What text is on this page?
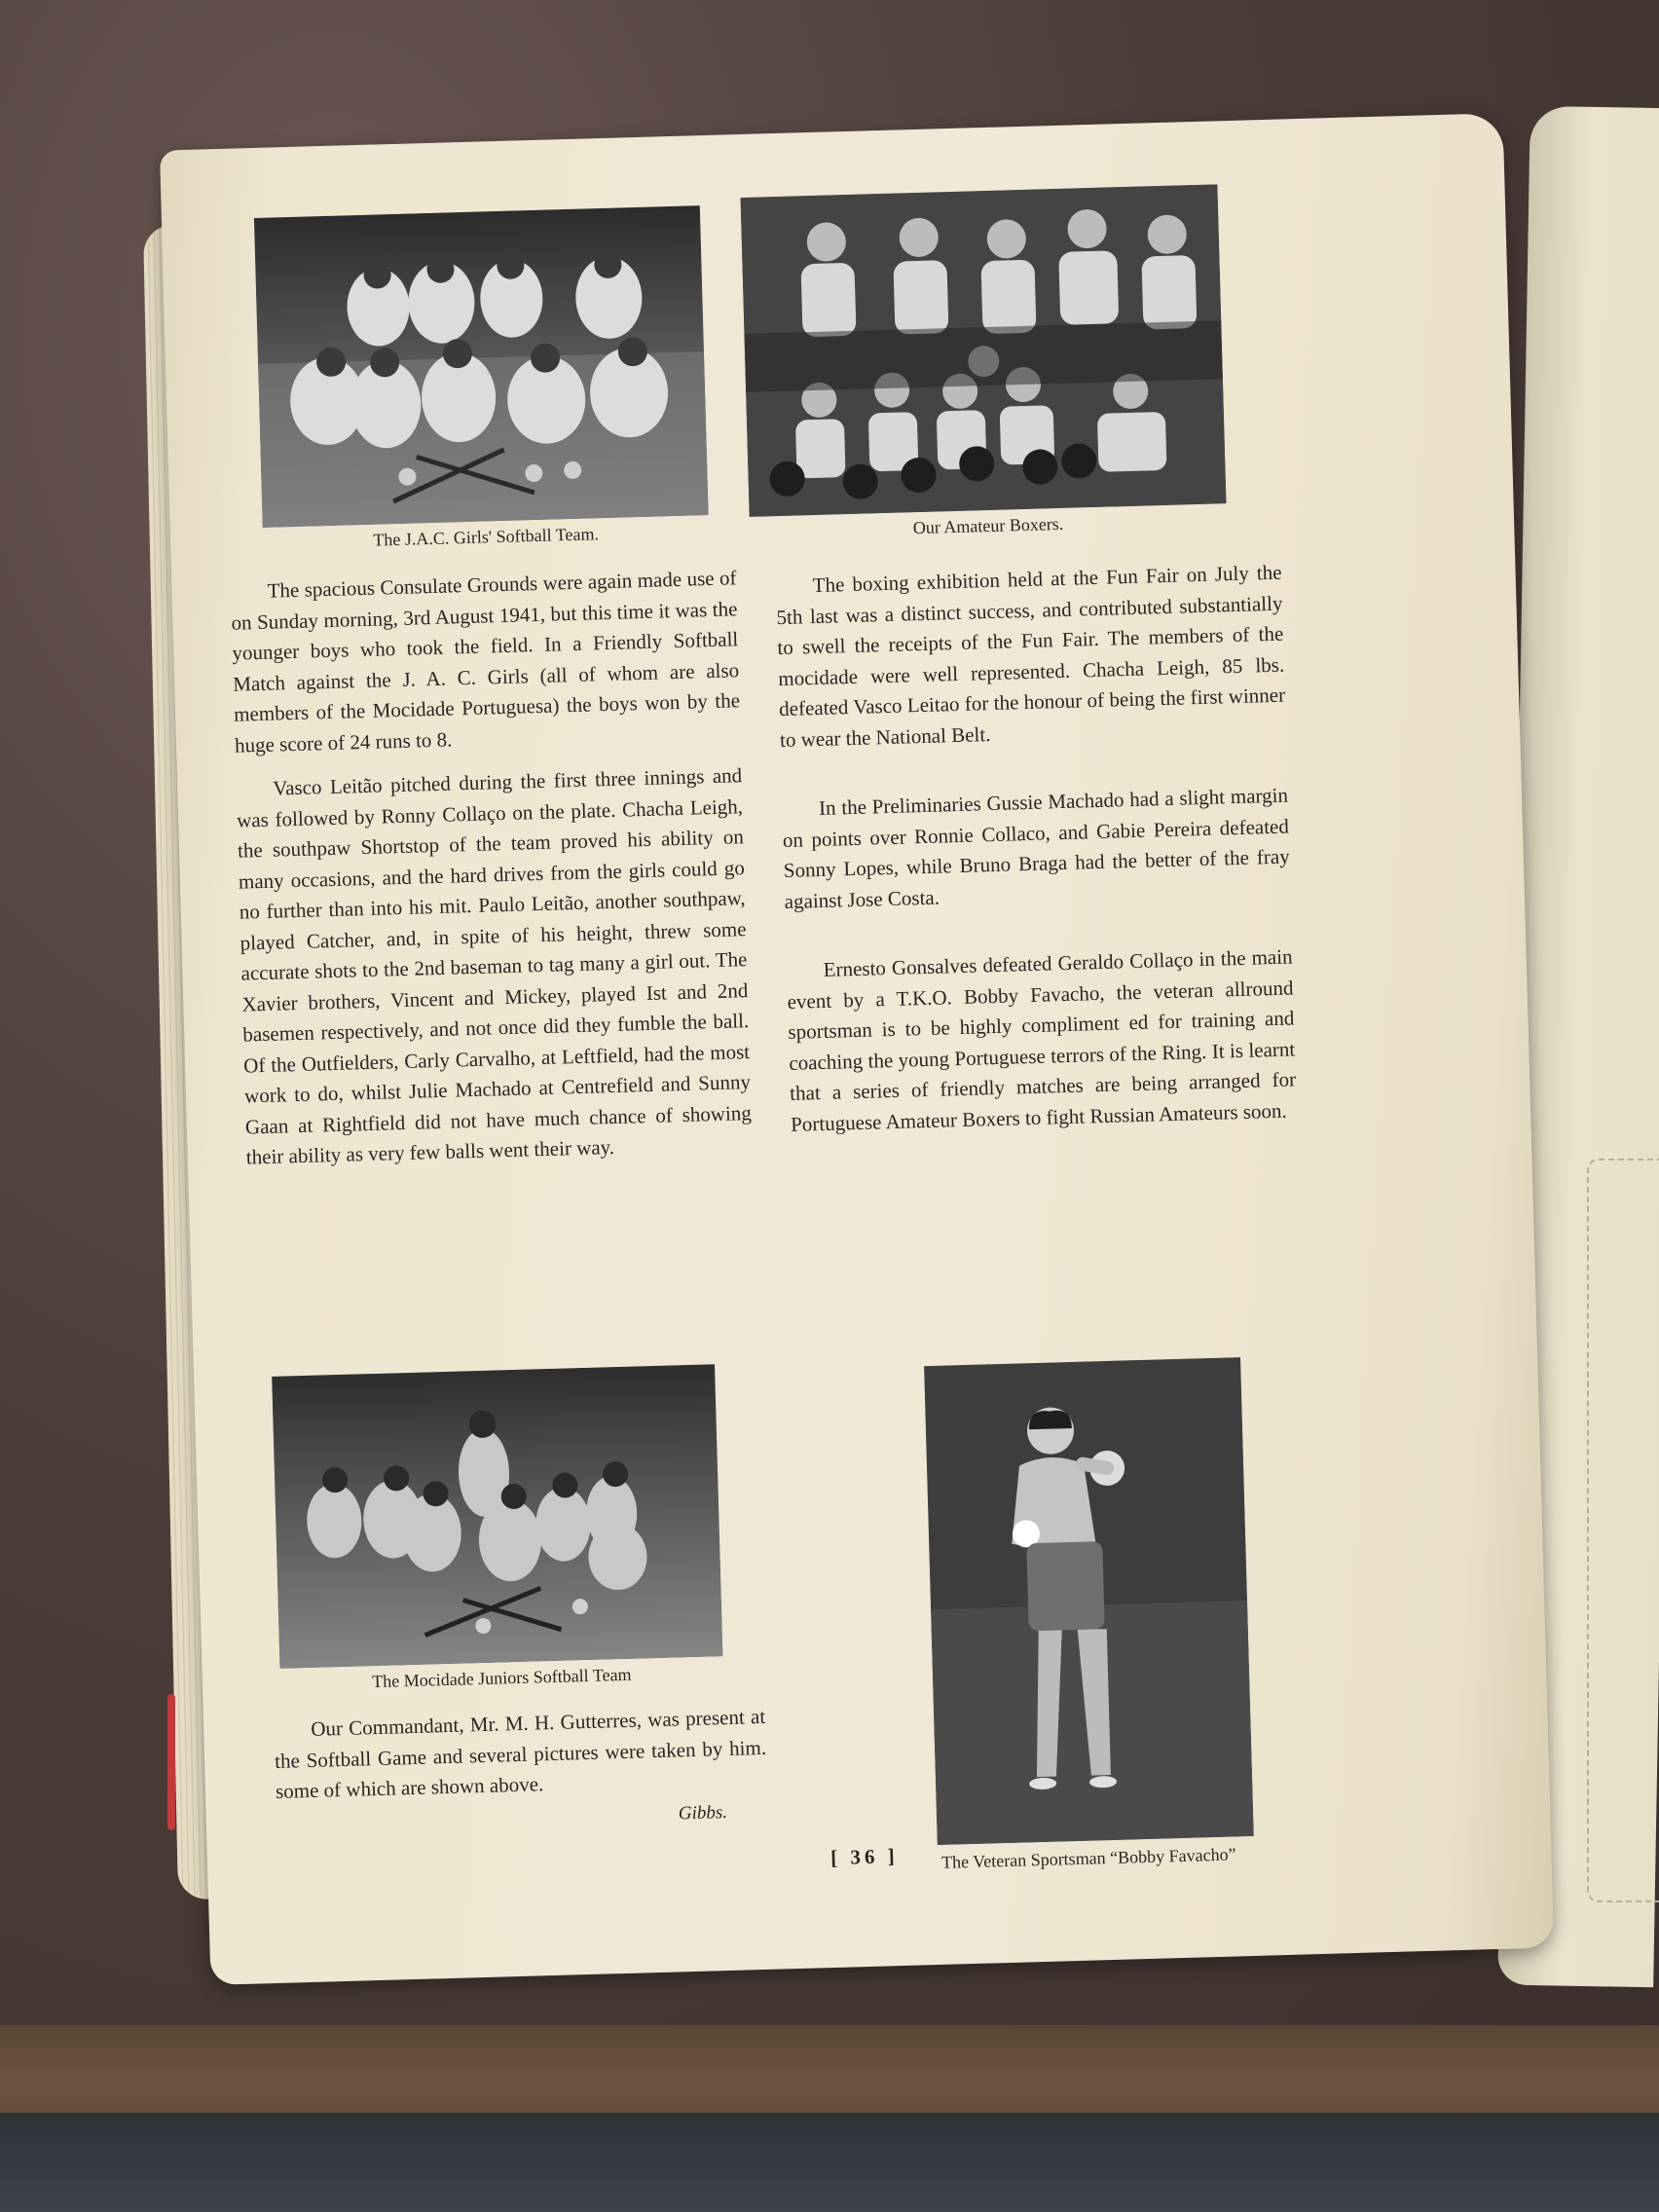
The J.A.C. Girls' Softball Team.	Our Amateur Boxers.

The spacious Consulate Grounds were again made use of on Sunday morning, 3rd August 1941, but this time it was the younger boys who took the field. In a Friendly Softball Match against the J. A. C. Girls (all of whom are also members of the Mocidade Portuguesa) the boys won by the huge score of 24 runs to 8.

Vasco Leitão pitched during the first three innings and was followed by Ronny Collaço on the plate. Chacha Leigh, the southpaw Shortstop of the team proved his ability on many occasions, and the hard drives from the girls could go no further than into his mit. Paulo Leitão, another southpaw, played Catcher, and, in spite of his height, threw some accurate shots to the 2nd baseman to tag many a girl out. The Xavier brothers, Vincent and Mickey, played Ist and 2nd basemen respectively, and not once did they fumble the ball. Of the Outfielders, Carly Carvalho, at Leftfield, had the most work to do, whilst Julie Machado at Centrefield and Sunny Gaan at Rightfield did not have much chance of showing their ability as very few balls went their way.

The boxing exhibition held at the Fun Fair on July the 5th last was a distinct success, and contributed substantially to swell the receipts of the Fun Fair. The members of the mocidade were well represented. Chacha Leigh, 85 lbs. defeated Vasco Leitao for the honour of being the first winner to wear the National Belt.

In the Preliminaries Gussie Machado had a slight margin on points over Ronnie Collaco, and Gabie Pereira defeated Sonny Lopes, while Bruno Braga had the better of the fray against Jose Costa.

Ernesto Gonsalves defeated Geraldo Collaço in the main event by a T.K.O. Bobby Favacho, the veteran allround sportsman is to be highly compliment ed for training and coaching the young Portuguese terrors of the Ring. It is learnt that a series of friendly matches are being arranged for Portuguese Amateur Boxers to fight Russian Amateurs soon.

The Mocidade Juniors Softball Team

Our Commandant, Mr. M. H. Gutterres, was present at the Softball Game and several pictures were taken by him. some of which are shown above.

Gibbs.
The Veteran Sportsman “Bobby Favacho”
[ 36 ]
